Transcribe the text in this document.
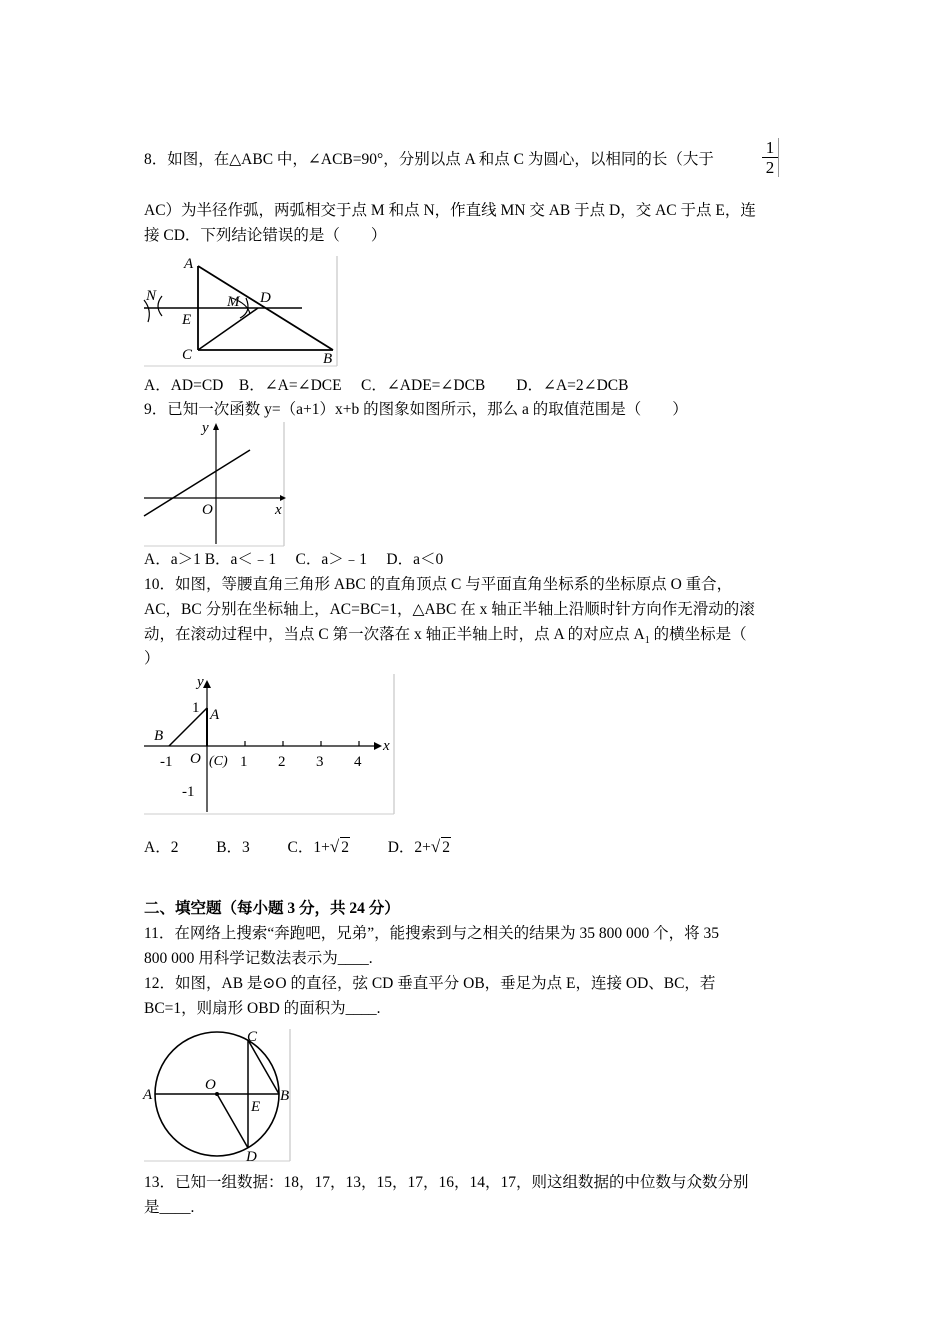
8．如图，在△ABC 中，∠ACB=90°，分别以点 A 和点 C 为圆心，以相同的长（大于	$\frac{1}{2}$
AC）为半径作弧，两弧相交于点 M 和点 N，作直线 MN 交 AB 于点 D，交 AC 于点 E，连
接 CD．下列结论错误的是（　　）
A
N	M D
E
C	B
A．AD=CD　B．∠A=∠DCE　 C．∠ADE=∠DCB　　D．∠A=2∠DCB
9．已知一次函数 y=（a+1）x+b 的图象如图所示，那么 a 的取值范围是（　　）
y
x
O
A．a＞1 B．a＜﹣1　 C．a＞﹣1　 D．a＜0
10．如图，等腰直角三角形 ABC 的直角顶点 C 与平面直角坐标系的坐标原点 O 重合，
AC，BC 分别在坐标轴上，AC=BC=1，△ABC 在 x 轴正半轴上沿顺时针方向作无滑动的滚
动，在滚动过程中，当点 C 第一次落在 x 轴正半轴上时，点 A 的对应点 $A_1$ 的横坐标是（
）
y
x
A
B
O (C)
1
-1	1 2 3 4
-1
A．2 B．3 C．1+√ 2	D．2+√ 2
二、填空题（每小题 3 分，共 24 分）
11．在网络上搜索“奔跑吧，兄弟”，能搜索到与之相关的结果为 35 800 000 个，将 35
800 000 用科学记数法表示为____.
12．如图，AB 是⊙O 的直径，弦 CD 垂直平分 OB，垂足为点 E，连接 OD、BC，若
BC=1，则扇形 OBD 的面积为____.
A	B
C
D
E
O
13．已知一组数据：18，17，13，15，17，16，14，17，则这组数据的中位数与众数分别
是____.
